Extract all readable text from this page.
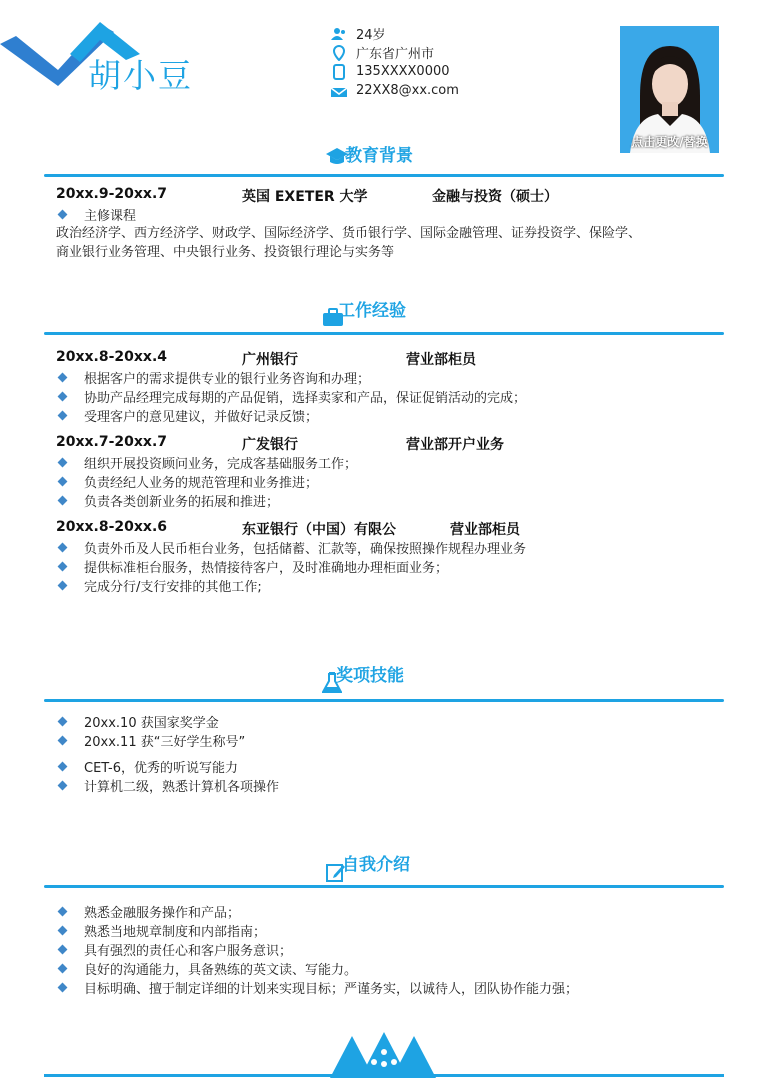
胡小豆
24岁
广东省广州市
135XXXX0000
22XX8@xx.com
点击更改/替换
教育背景
20xx.9-20xx.7	英国 EXETER 大学	金融与投资（硕士）
主修课程
政治经济学、西方经济学、财政学、国际经济学、货币银行学、国际金融管理、证券投资学、保险学、
商业银行业务管理、中央银行业务、投资银行理论与实务等
工作经验
20xx.8-20xx.4	广州银行	营业部柜员
根据客户的需求提供专业的银行业务咨询和办理；
协助产品经理完成每期的产品促销，选择卖家和产品，保证促销活动的完成；
受理客户的意见建议，并做好记录反馈；
20xx.7-20xx.7	广发银行	营业部开户业务
组织开展投资顾问业务，完成客基础服务工作；
负责经纪人业务的规范管理和业务推进；
负责各类创新业务的拓展和推进；
20xx.8-20xx.6	东亚银行（中国）有限公	营业部柜员
负责外币及人民币柜台业务，包括储蓄、汇款等，确保按照操作规程办理业务
提供标准柜台服务，热情接待客户，及时准确地办理柜面业务；
完成分行/支行安排的其他工作;
奖项技能
20xx.10 获国家奖学金
20xx.11 获“三好学生称号”
CET-6，优秀的听说写能力
计算机二级，熟悉计算机各项操作
自我介绍
熟悉金融服务操作和产品；
熟悉当地规章制度和内部指南；
具有强烈的责任心和客户服务意识；
良好的沟通能力，具备熟练的英文读、写能力。
目标明确、擅于制定详细的计划来实现目标；严谨务实，以诚待人，团队协作能力强；
